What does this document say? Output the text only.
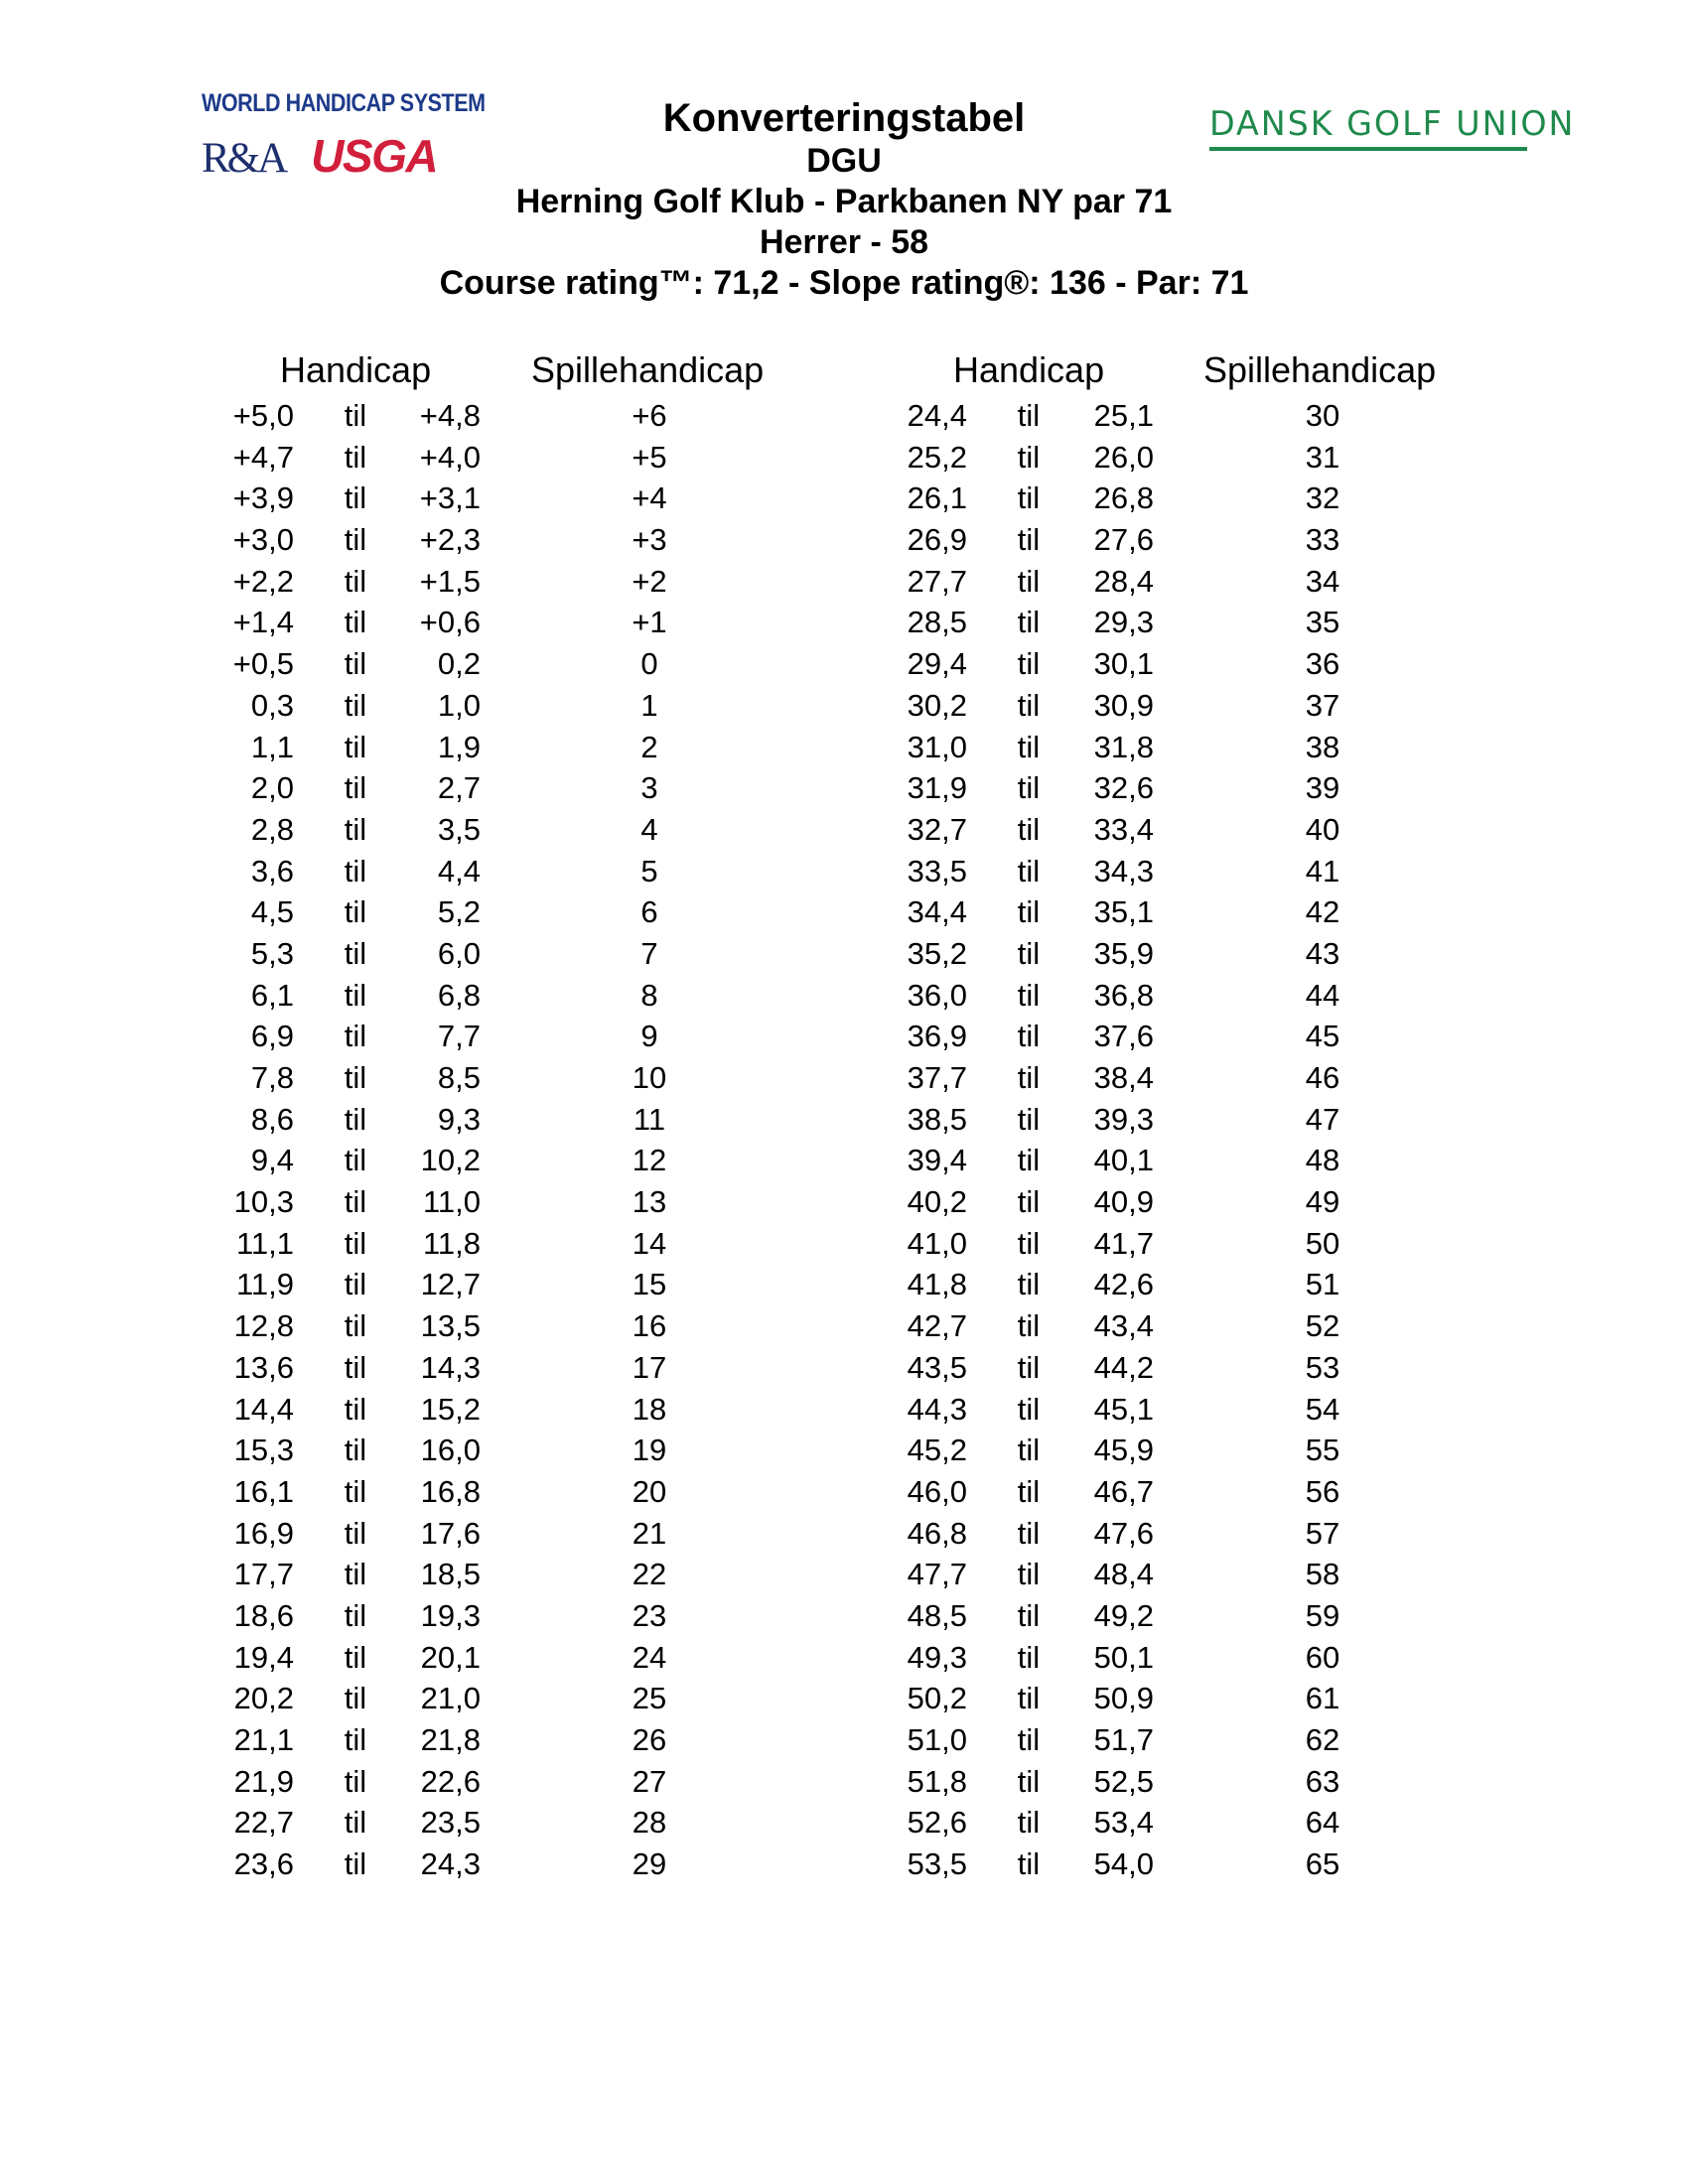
WORLD HANDICAP SYSTEM
R&A USGA
DANSK GOLF UNION
Konverteringstabel
DGU
Herning Golf Klub - Parkbanen NY par 71
Herrer - 58
Course rating™: 71,2 - Slope rating®: 136 - Par: 71
Handicap	Spillehandicap	Handicap	Spillehandicap
+5,0	til	+4,8	+6
+4,7	til	+4,0	+5
+3,9	til	+3,1	+4
+3,0	til	+2,3	+3
+2,2	til	+1,5	+2
+1,4	til	+0,6	+1
+0,5	til	0,2	0
0,3	til	1,0	1
1,1	til	1,9	2
2,0	til	2,7	3
2,8	til	3,5	4
3,6	til	4,4	5
4,5	til	5,2	6
5,3	til	6,0	7
6,1	til	6,8	8
6,9	til	7,7	9
7,8	til	8,5	10
8,6	til	9,3	11
9,4	til	10,2	12
10,3	til	11,0	13
11,1	til	11,8	14
11,9	til	12,7	15
12,8	til	13,5	16
13,6	til	14,3	17
14,4	til	15,2	18
15,3	til	16,0	19
16,1	til	16,8	20
16,9	til	17,6	21
17,7	til	18,5	22
18,6	til	19,3	23
19,4	til	20,1	24
20,2	til	21,0	25
21,1	til	21,8	26
21,9	til	22,6	27
22,7	til	23,5	28
23,6	til	24,3	29
24,4	til	25,1	30
25,2	til	26,0	31
26,1	til	26,8	32
26,9	til	27,6	33
27,7	til	28,4	34
28,5	til	29,3	35
29,4	til	30,1	36
30,2	til	30,9	37
31,0	til	31,8	38
31,9	til	32,6	39
32,7	til	33,4	40
33,5	til	34,3	41
34,4	til	35,1	42
35,2	til	35,9	43
36,0	til	36,8	44
36,9	til	37,6	45
37,7	til	38,4	46
38,5	til	39,3	47
39,4	til	40,1	48
40,2	til	40,9	49
41,0	til	41,7	50
41,8	til	42,6	51
42,7	til	43,4	52
43,5	til	44,2	53
44,3	til	45,1	54
45,2	til	45,9	55
46,0	til	46,7	56
46,8	til	47,6	57
47,7	til	48,4	58
48,5	til	49,2	59
49,3	til	50,1	60
50,2	til	50,9	61
51,0	til	51,7	62
51,8	til	52,5	63
52,6	til	53,4	64
53,5	til	54,0	65
